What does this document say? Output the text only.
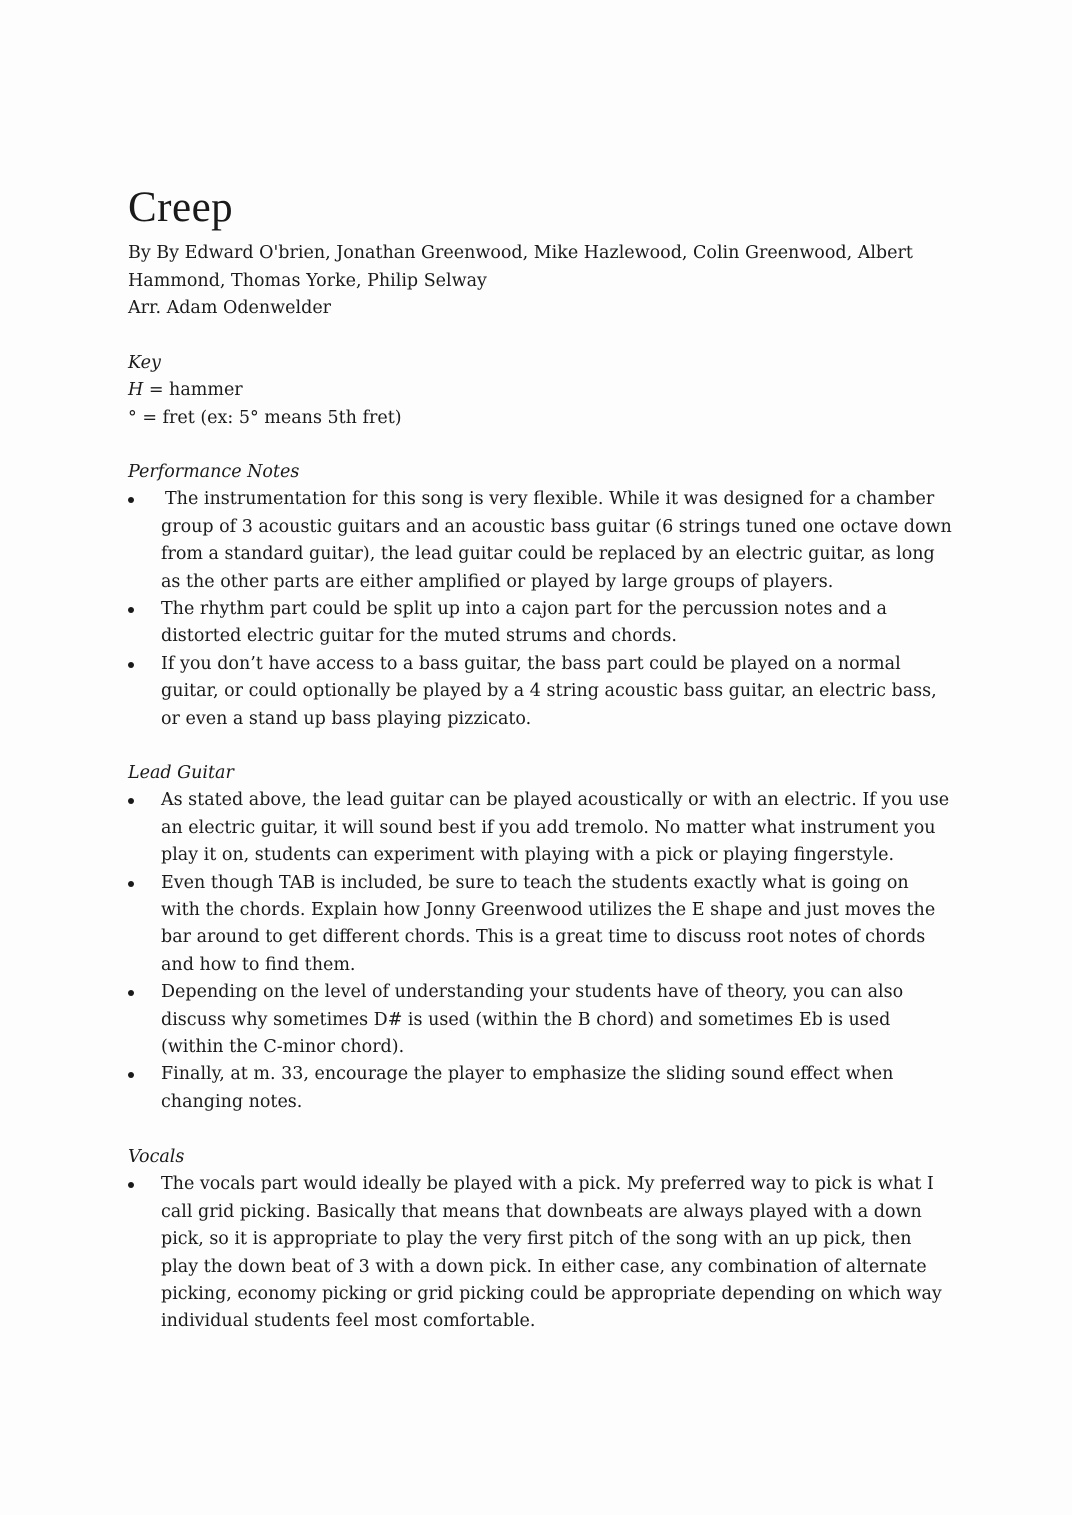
Creep
By By Edward O'brien, Jonathan Greenwood, Mike Hazlewood, Colin Greenwood, Albert
Hammond, Thomas Yorke, Philip Selway
Arr. Adam Odenwelder
Key
H = hammer
° = fret (ex: 5° means 5th fret)
Performance Notes
The instrumentation for this song is very flexible. While it was designed for a chamber
group of 3 acoustic guitars and an acoustic bass guitar (6 strings tuned one octave down
from a standard guitar), the lead guitar could be replaced by an electric guitar, as long
as the other parts are either amplified or played by large groups of players.
The rhythm part could be split up into a cajon part for the percussion notes and a
distorted electric guitar for the muted strums and chords.
If you don’t have access to a bass guitar, the bass part could be played on a normal
guitar, or could optionally be played by a 4 string acoustic bass guitar, an electric bass,
or even a stand up bass playing pizzicato.
Lead Guitar
As stated above, the lead guitar can be played acoustically or with an electric. If you use
an electric guitar, it will sound best if you add tremolo. No matter what instrument you
play it on, students can experiment with playing with a pick or playing fingerstyle.
Even though TAB is included, be sure to teach the students exactly what is going on
with the chords. Explain how Jonny Greenwood utilizes the E shape and just moves the
bar around to get different chords. This is a great time to discuss root notes of chords
and how to find them.
Depending on the level of understanding your students have of theory, you can also
discuss why sometimes D# is used (within the B chord) and sometimes Eb is used
(within the C-minor chord).
Finally, at m. 33, encourage the player to emphasize the sliding sound effect when
changing notes.
Vocals
The vocals part would ideally be played with a pick. My preferred way to pick is what I
call grid picking. Basically that means that downbeats are always played with a down
pick, so it is appropriate to play the very first pitch of the song with an up pick, then
play the down beat of 3 with a down pick. In either case, any combination of alternate
picking, economy picking or grid picking could be appropriate depending on which way
individual students feel most comfortable.
